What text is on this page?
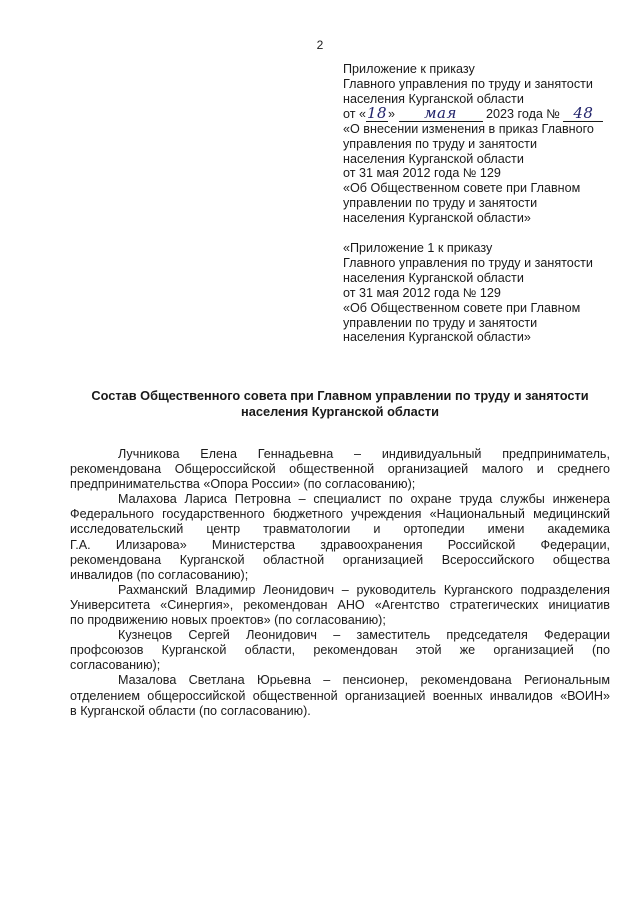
2
Приложение к приказу
Главного управления по труду и занятости
населения Курганской области
от «18» мая 2023 года № 48
«О внесении изменения в приказ Главного
управления по труду и занятости
населения Курганской области
от 31 мая 2012 года № 129
«Об Общественном совете при Главном
управлении по труду и занятости
населения Курганской области»
«Приложение 1 к приказу
Главного управления по труду и занятости
населения Курганской области
от 31 мая 2012 года № 129
«Об Общественном совете при Главном
управлении по труду и занятости
населения Курганской области»
Состав Общественного совета при Главном управлении по труду и занятости
населения Курганской области
Лучникова Елена Геннадьевна – индивидуальный предприниматель,
рекомендована Общероссийской общественной организацией малого и среднего
предпринимательства «Опора России» (по согласованию);
Малахова Лариса Петровна – специалист по охране труда службы инженера
Федерального государственного бюджетного учреждения «Национальный медицинский
исследовательский центр травматологии и ортопедии имени академика
Г.А. Илизарова» Министерства здравоохранения Российской Федерации,
рекомендована Курганской областной организацией Всероссийского общества
инвалидов (по согласованию);
Рахманский Владимир Леонидович – руководитель Курганского подразделения
Университета «Синергия», рекомендован АНО «Агентство стратегических инициатив
по продвижению новых проектов» (по согласованию);
Кузнецов Сергей Леонидович – заместитель председателя Федерации
профсоюзов Курганской области, рекомендован этой же организацией (по
согласованию);
Мазалова Светлана Юрьевна – пенсионер, рекомендована Региональным
отделением общероссийской общественной организацией военных инвалидов «ВОИН»
в Курганской области (по согласованию).
